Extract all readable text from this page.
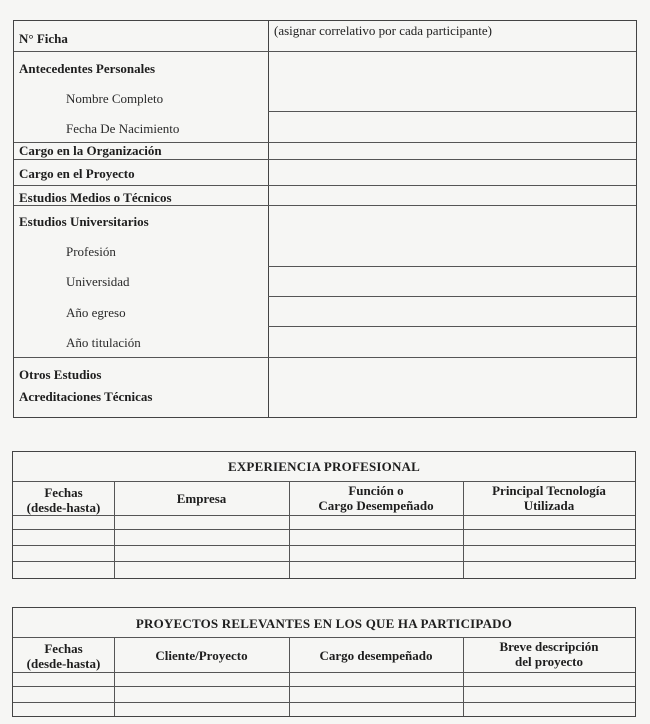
N° Ficha
(asignar correlativo por cada participante)
Antecedentes Personales
Nombre Completo
Fecha De Nacimiento
Cargo en la Organización
Cargo en el Proyecto
Estudios Medios o Técnicos
Estudios Universitarios
Profesión
Universidad
Año egreso
Año titulación
Otros Estudios
Acreditaciones Técnicas
EXPERIENCIA PROFESIONAL
Fechas
(desde-hasta)
Empresa
Función o
Cargo Desempeñado
Principal Tecnología
Utilizada
PROYECTOS RELEVANTES EN LOS QUE HA PARTICIPADO
Fechas
(desde-hasta)
Cliente/Proyecto	Cargo desempeñado
Breve descripción
del proyecto
